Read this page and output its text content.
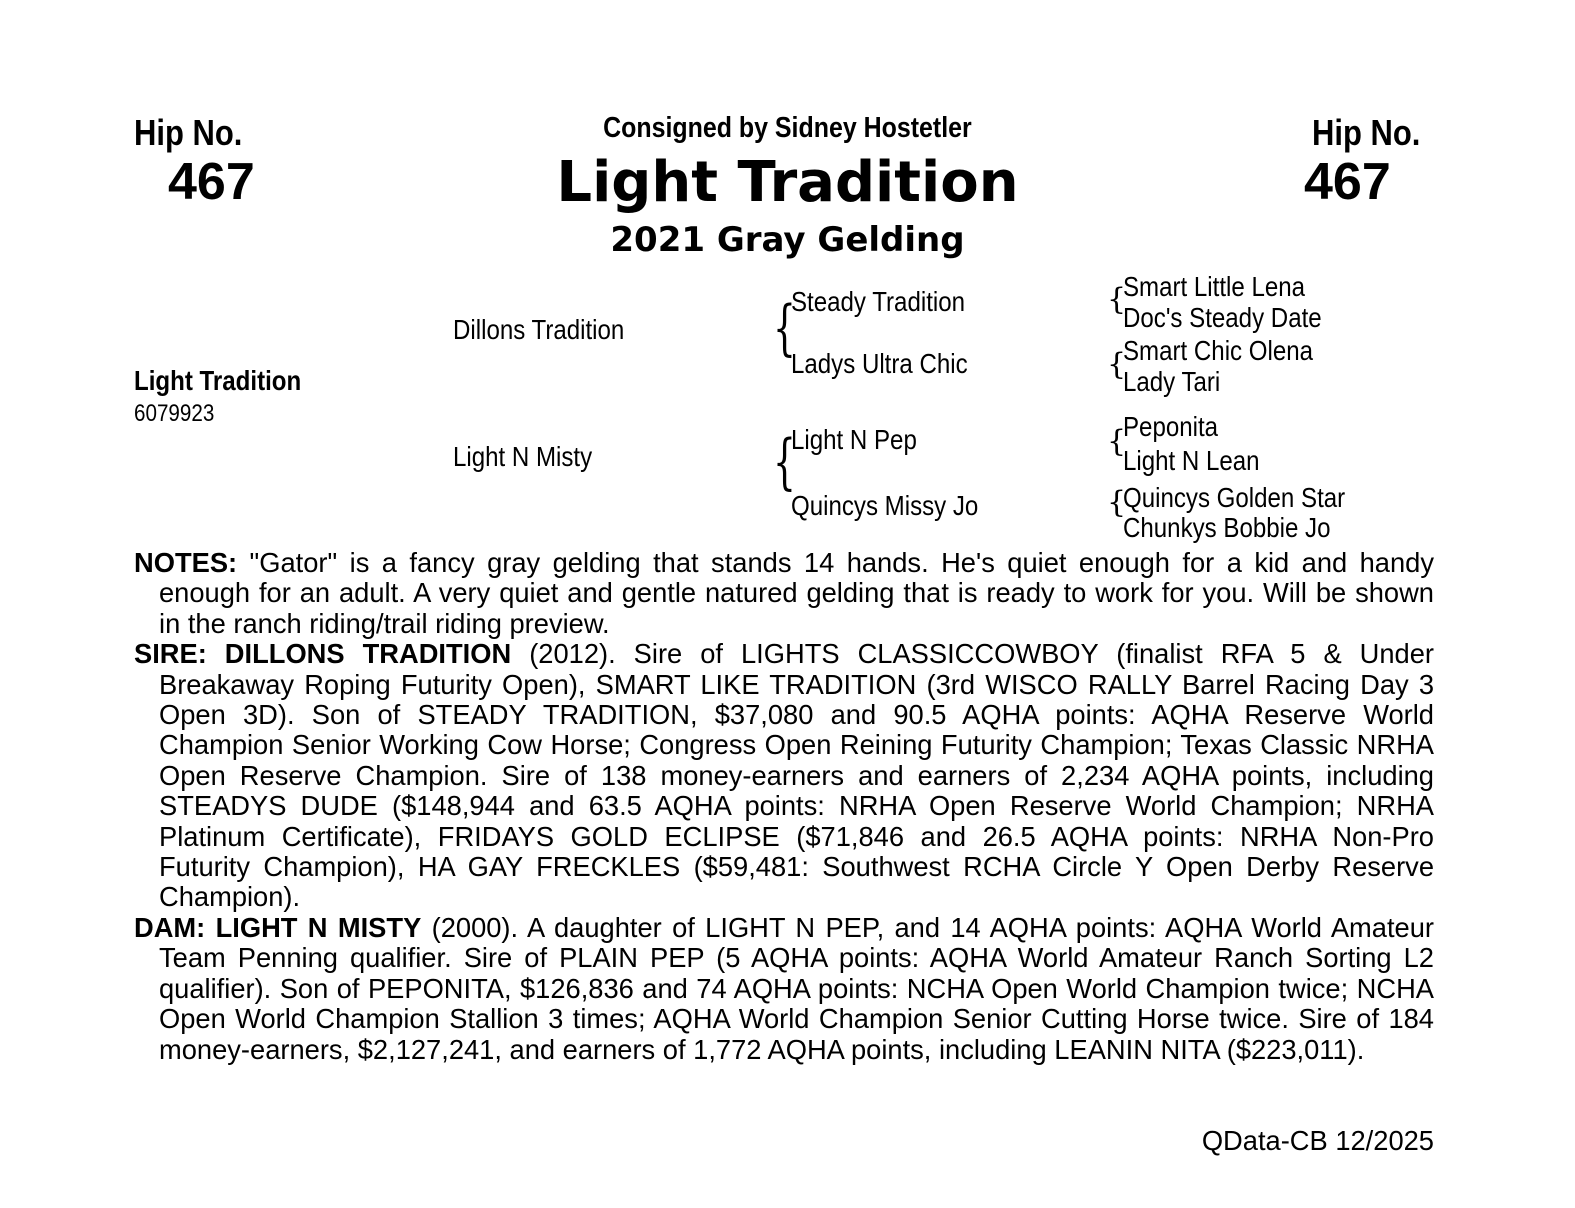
Hip No.
467
Hip No.
467
Consigned by Sidney Hostetler
Light Tradition
2021 Gray Gelding
Light Tradition
6079923
Dillons Tradition
Light N Misty
{
{
Steady Tradition
Ladys Ultra Chic
Light N Pep
Quincys Missy Jo
{
{
{
{
Smart Little Lena
Doc's Steady Date
Smart Chic Olena
Lady Tari
Peponita
Light N Lean
Quincys Golden Star
Chunkys Bobbie Jo

NOTES: "Gator" is a fancy gray gelding that stands 14 hands. He's quiet enough for a kid and handy enough for an adult. A very quiet and gentle natured gelding that is ready to work for you. Will be shown in the ranch riding/trail riding preview.

SIRE: DILLONS TRADITION (2012). Sire of LIGHTS CLASSICCOWBOY (finalist RFA 5 & Under Breakaway Roping Futurity Open), SMART LIKE TRADITION (3rd WISCO RALLY Barrel Racing Day 3 Open 3D). Son of STEADY TRADITION, $37,080 and 90.5 AQHA points: AQHA Reserve World Champion Senior Working Cow Horse; Congress Open Reining Futurity Champion; Texas Classic NRHA Open Reserve Champion. Sire of 138 money-earners and earners of 2,234 AQHA points, including STEADYS DUDE ($148,944 and 63.5 AQHA points: NRHA Open Reserve World Champion; NRHA Platinum Certificate), FRIDAYS GOLD ECLIPSE ($71,846 and 26.5 AQHA points: NRHA Non-Pro Futurity Champion), HA GAY FRECKLES ($59,481: Southwest RCHA Circle Y Open Derby Reserve Champion).

DAM: LIGHT N MISTY (2000). A daughter of LIGHT N PEP, and 14 AQHA points: AQHA World Amateur Team Penning qualifier. Sire of PLAIN PEP (5 AQHA points: AQHA World Amateur Ranch Sorting L2 qualifier). Son of PEPONITA, $126,836 and 74 AQHA points: NCHA Open World Champion twice; NCHA Open World Champion Stallion 3 times; AQHA World Champion Senior Cutting Horse twice. Sire of 184 money-earners, $2,127,241, and earners of 1,772 AQHA points, including LEANIN NITA ($223,011).

QData-CB 12/2025
